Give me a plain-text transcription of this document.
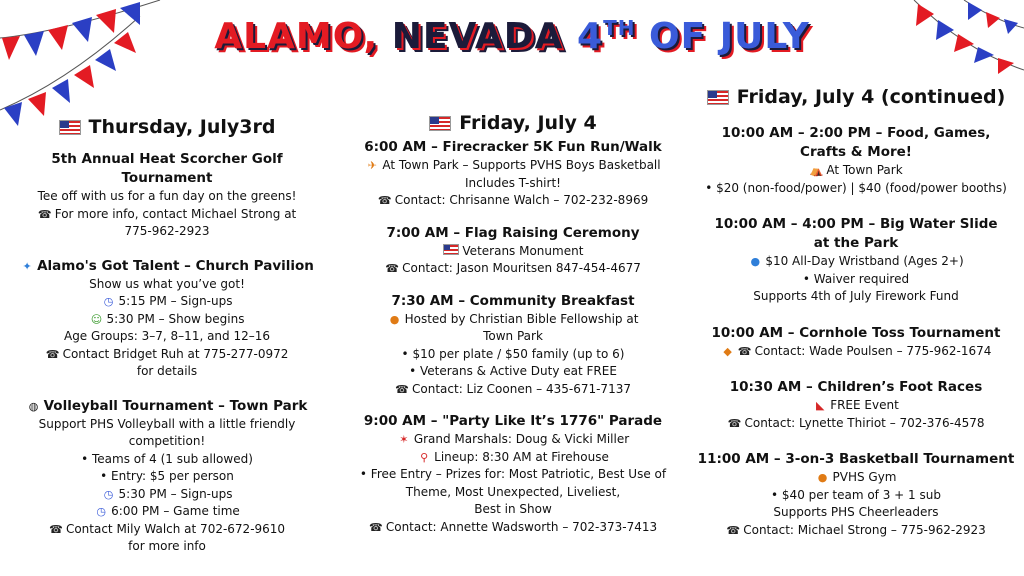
ALAMO, NEVADA 4TH OF JULY
Thursday, July3rd
5th Annual Heat Scorcher Golf Tournament
Tee off with us for a fun day on the greens!
☎ For more info, contact Michael Strong at
775-962-2923
✦ Alamo's Got Talent – Church Pavilion
Show us what you’ve got!
◷ 5:15 PM – Sign-ups
☺ 5:30 PM – Show begins
Age Groups: 3–7, 8–11, and 12–16
☎ Contact Bridget Ruh at 775-277-0972
for details
◍ Volleyball Tournament – Town Park
Support PHS Volleyball with a little friendly
competition!
• Teams of 4 (1 sub allowed)
• Entry: $5 per person
◷ 5:30 PM – Sign-ups
◷ 6:00 PM – Game time
☎ Contact Mily Walch at 702-672-9610
for more info
Friday, July 4
6:00 AM – Firecracker 5K Fun Run/Walk
✈ At Town Park – Supports PVHS Boys Basketball
Includes T-shirt!
☎ Contact: Chrisanne Walch – 702-232-8969
7:00 AM – Flag Raising Ceremony
Veterans Monument
☎ Contact: Jason Mouritsen 847-454-4677
7:30 AM – Community Breakfast
● Hosted by Christian Bible Fellowship at
Town Park
• $10 per plate / $50 family (up to 6)
• Veterans & Active Duty eat FREE
☎ Contact: Liz Coonen – 435-671-7137
9:00 AM – "Party Like It’s 1776" Parade
✶ Grand Marshals: Doug & Vicki Miller
⚲ Lineup: 8:30 AM at Firehouse
• Free Entry – Prizes for: Most Patriotic, Best Use of
Theme, Most Unexpected, Liveliest,
Best in Show
☎ Contact: Annette Wadsworth – 702-373-7413
Friday, July 4 (continued)
10:00 AM – 2:00 PM – Food, Games,
Crafts & More!
⛺ At Town Park
• $20 (non-food/power) | $40 (food/power booths)
10:00 AM – 4:00 PM – Big Water Slide
at the Park
● $10 All-Day Wristband (Ages 2+)
• Waiver required
Supports 4th of July Firework Fund
10:00 AM – Cornhole Toss Tournament
◆ ☎ Contact: Wade Poulsen – 775-962-1674
10:30 AM – Children’s Foot Races
◣ FREE Event
☎ Contact: Lynette Thiriot – 702-376-4578
11:00 AM – 3-on-3 Basketball Tournament
● PVHS Gym
• $40 per team of 3 + 1 sub
Supports PHS Cheerleaders
☎ Contact: Michael Strong – 775-962-2923
